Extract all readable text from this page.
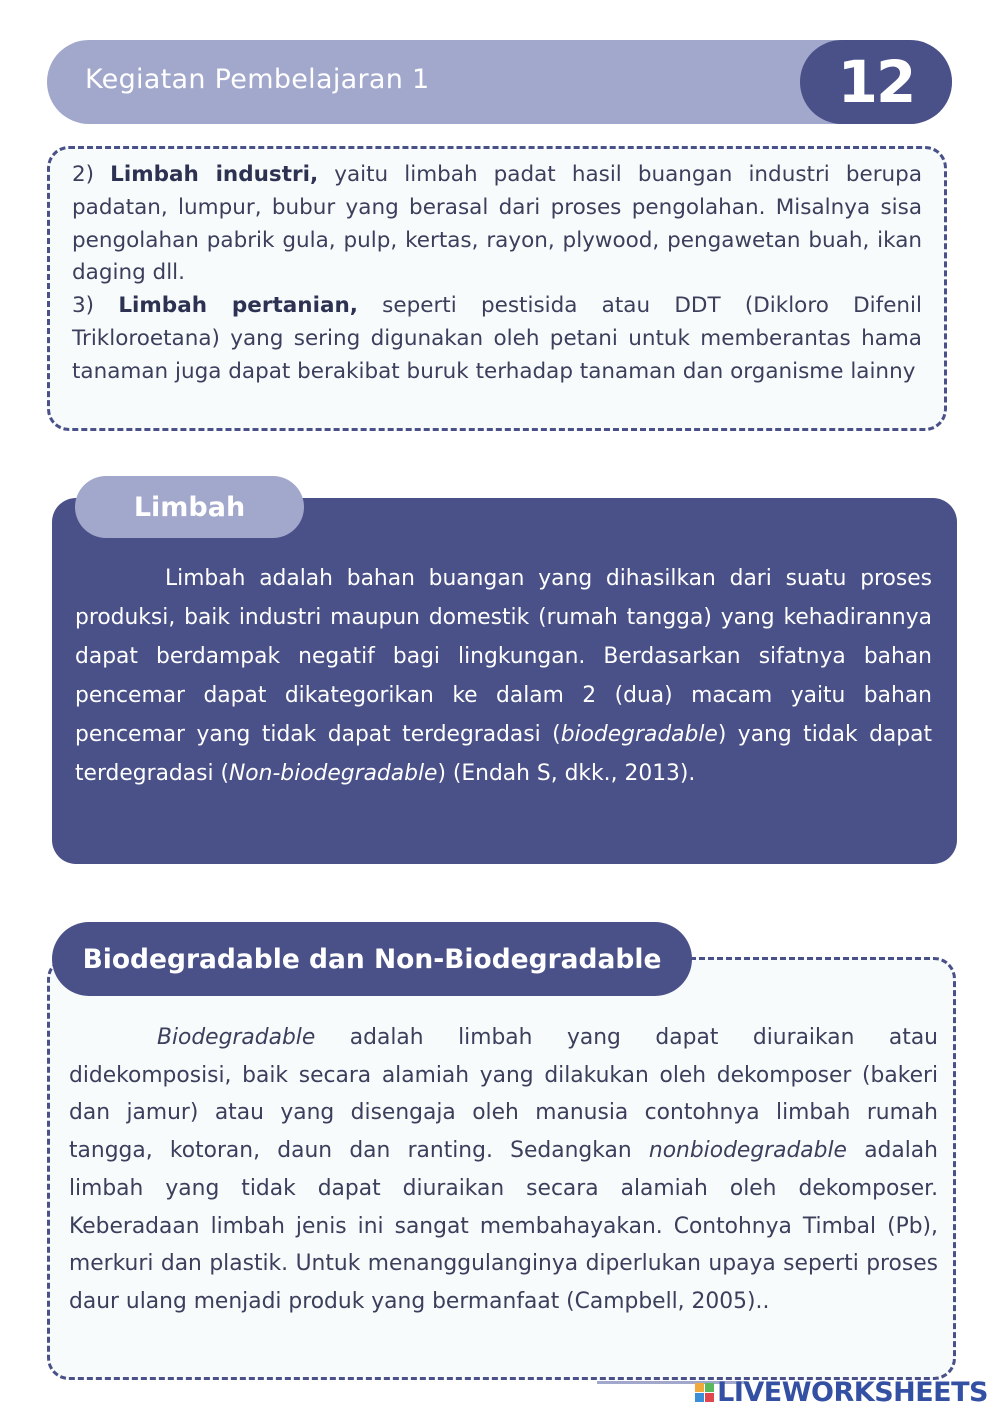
Kegiatan Pembelajaran 1	12

2) Limbah industri, yaitu limbah padat hasil buangan industri berupa padatan, lumpur, bubur yang berasal dari proses pengolahan. Misalnya sisa pengolahan pabrik gula, pulp, kertas, rayon, plywood, pengawetan buah, ikan daging dll.

3) Limbah pertanian, seperti pestisida atau DDT (Dikloro Difenil Trikloroetana) yang sering digunakan oleh petani untuk memberantas hama tanaman juga dapat berakibat buruk terhadap tanaman dan organisme lainny

Limbah

Limbah adalah bahan buangan yang dihasilkan dari suatu proses produksi, baik industri maupun domestik (rumah tangga) yang kehadirannya dapat berdampak negatif bagi lingkungan. Berdasarkan sifatnya bahan pencemar dapat dikategorikan ke dalam 2 (dua) macam yaitu bahan pencemar yang tidak dapat terdegradasi (biodegradable) yang tidak dapat terdegradasi (Non-biodegradable) (Endah S, dkk., 2013).

Biodegradable dan Non-Biodegradable

Biodegradable adalah limbah yang dapat diuraikan atau didekomposisi, baik secara alamiah yang dilakukan oleh dekomposer (bakeri dan jamur) atau yang disengaja oleh manusia contohnya limbah rumah tangga, kotoran, daun dan ranting. Sedangkan nonbiodegradable adalah limbah yang tidak dapat diuraikan secara alamiah oleh dekomposer. Keberadaan limbah jenis ini sangat membahayakan. Contohnya Timbal (Pb), merkuri dan plastik. Untuk menanggulanginya diperlukan upaya seperti proses daur ulang menjadi produk yang bermanfaat (Campbell, 2005)..

LIVEWORKSHEETS
